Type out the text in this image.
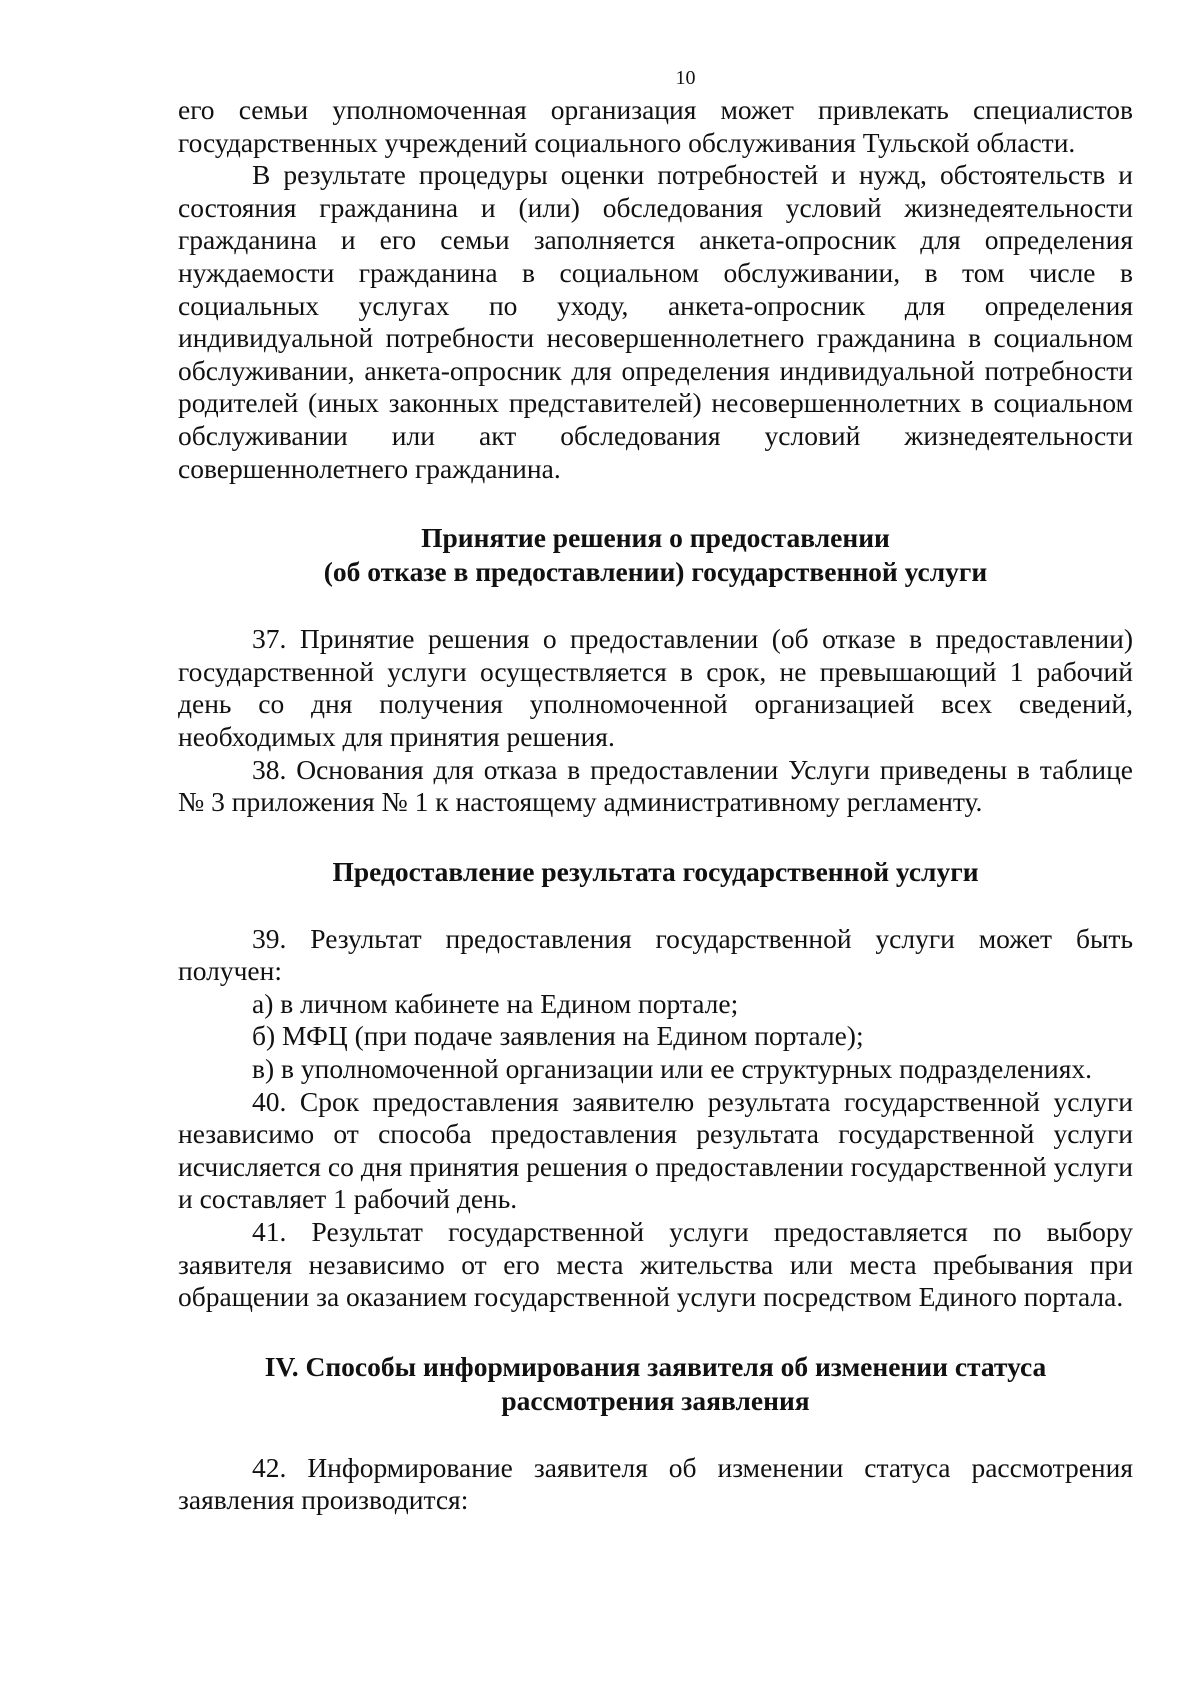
10

его семьи уполномоченная организация может привлекать специалистов государственных учреждений социального обслуживания Тульской области.

В результате процедуры оценки потребностей и нужд, обстоятельств и состояния гражданина и (или) обследования условий жизнедеятельности гражданина и его семьи заполняется анкета-опросник для определения нуждаемости гражданина в социальном обслуживании, в том числе в социальных услугах по уходу, анкета-опросник для определения индивидуальной потребности несовершеннолетнего гражданина в социальном обслуживании, анкета-опросник для определения индивидуальной потребности родителей (иных законных представителей) несовершеннолетних в социальном обслуживании или акт обследования условий жизнедеятельности совершеннолетнего гражданина.

Принятие решения о предоставлении
(об отказе в предоставлении) государственной услуги

37. Принятие решения о предоставлении (об отказе в предоставлении) государственной услуги осуществляется в срок, не превышающий 1 рабочий день со дня получения уполномоченной организацией всех сведений, необходимых для принятия решения.

38. Основания для отказа в предоставлении Услуги приведены в таблице № 3 приложения № 1 к настоящему административному регламенту.

Предоставление результата государственной услуги

39. Результат предоставления государственной услуги может быть получен:

а) в личном кабинете на Едином портале;
б) МФЦ (при подаче заявления на Едином портале);
в) в уполномоченной организации или ее структурных подразделениях.

40. Срок предоставления заявителю результата государственной услуги независимо от способа предоставления результата государственной услуги исчисляется со дня принятия решения о предоставлении государственной услуги и составляет 1 рабочий день.

41. Результат государственной услуги предоставляется по выбору заявителя независимо от его места жительства или места пребывания при обращении за оказанием государственной услуги посредством Единого портала.

IV. Способы информирования заявителя об изменении статуса
рассмотрения заявления

42. Информирование заявителя об изменении статуса рассмотрения заявления производится:
